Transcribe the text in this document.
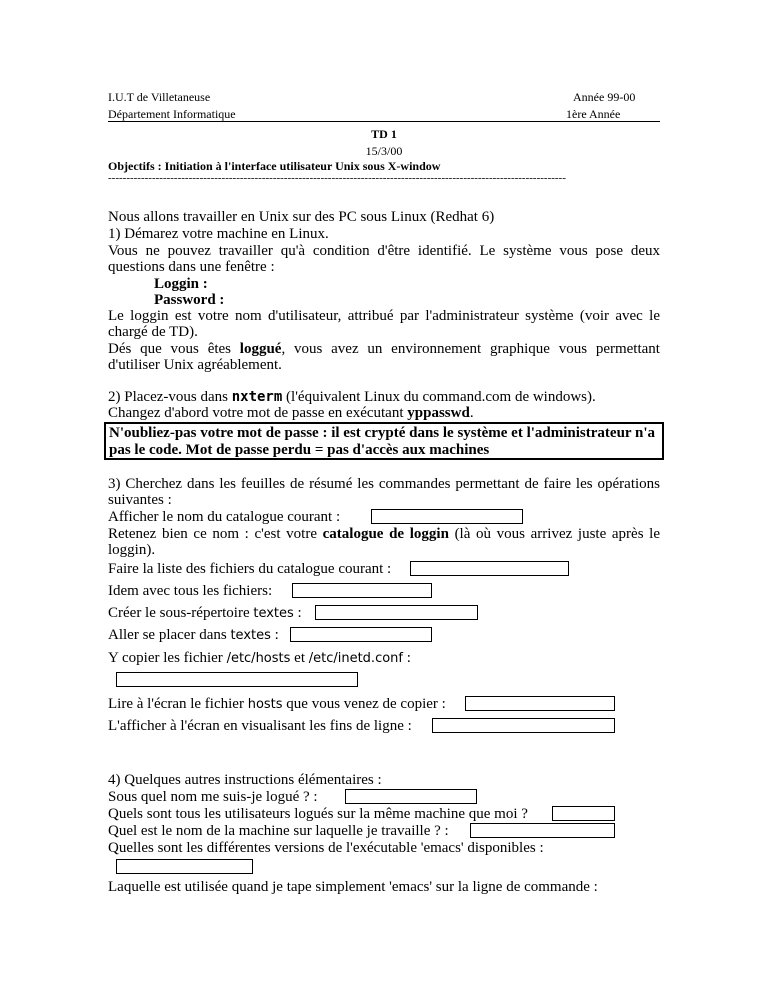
I.U.T de Villetaneuse
Département Informatique
Année 99-00
1ère Année
TD 1
15/3/00
Objectifs : Initiation à l'interface utilisateur Unix sous X-window
-----------------------------------------------------------------------------------------------------------------------------
Nous allons travailler en Unix sur des PC sous Linux (Redhat 6)
1) Démarez votre machine en Linux.
Vous ne pouvez travailler qu'à condition d'être identifié. Le système vous pose deux questions dans une fenêtre :
Loggin :
Password :
Le loggin est votre nom d'utilisateur, attribué par l'administrateur système (voir avec le chargé de TD).
Dés que vous êtes loggué, vous avez un environnement graphique vous permettant d'utiliser Unix agréablement.
2) Placez-vous dans nxterm (l'équivalent Linux du command.com de windows).
Changez d'abord votre mot de passe en exécutant yppasswd.
N'oubliez-pas votre mot de passe : il est crypté dans le système et l'administrateur n'a pas le code. Mot de passe perdu = pas d'accès aux machines
3) Cherchez dans les feuilles de résumé les commandes permettant de faire les opérations suivantes :
Afficher le nom du catalogue courant :
Retenez bien ce nom : c'est votre catalogue de loggin (là où vous arrivez juste après le loggin).
Faire la liste des fichiers du catalogue courant :
Idem avec tous les fichiers:
Créer le sous-répertoire textes :
Aller se placer dans textes :
Y copier les fichier /etc/hosts et /etc/inetd.conf :
Lire à l'écran le fichier hosts que vous venez de copier :
L'afficher à l'écran en visualisant les fins de ligne :
4) Quelques autres instructions élémentaires :
Sous quel nom me suis-je logué ? :
Quels sont tous les utilisateurs logués sur la même machine que moi ?
Quel est le nom de la machine sur laquelle je travaille ? :
Quelles sont les différentes versions de l'exécutable 'emacs' disponibles :
Laquelle est utilisée quand je tape simplement 'emacs' sur la ligne de commande :
